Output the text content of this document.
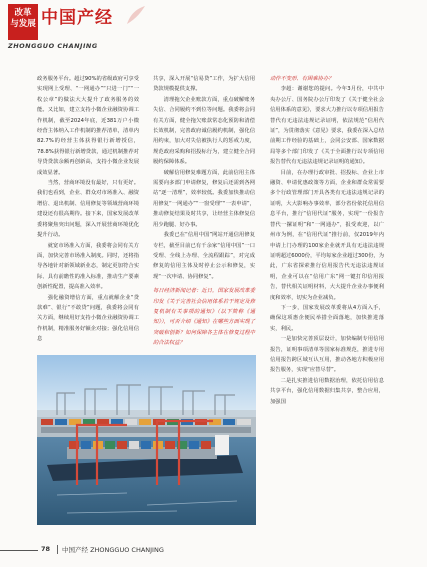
改革
与发展 中国产经
ZHONGGUO CHANJING

政务服务平台。超过90%的省级政府可享受实现网上受理、“一网通办”“只进一门”“一枚公章”的做法大大提升了政务服务的效能。又比如，建立支持小微企业融资协调工作机制，截至2024年底，近381万户小微经营主体纳入工作机制的推荐清单，清单内82.7%的经营主体获得银行新增授信，78.8%获得银行新增贷款，通过机制推荐对导贷贷款余额再创新高，支持小微企业发展成效显著。

当然，营商环境没有最好，只有更好。我们也看到，企业、群众对市场准入、融资增信、退出机制、信用修复等领域营商环境建设还有很高期待。接下来，国家发展改革委将聚焦突出问题，深入开展营商环境优化提升行动。

就宽市场准入方面，我委将会同有关方面，加快完善市场准入制度。同时，还将指导各地针对新领域新业态，制定更加符合实际、具有前瞻性的准入标准，推动生产要素创新性配置，提高准入效率。

强化融资增信方面，重点就解企业“贷款难”、银行“不敢贷”问题，我委将会同有关方面，继续用好支持小微企业融资协调工作机制，精准服务好额企对接；强化信用信息

共享，深入开展“信易贷”工作，为扩大信用贷款规模提供支撑。

清理拖欠企业账款方面，重点破解账务失信、合同履约不到位等问题。我委将会同有关方面，健全拖欠账款常态化预防和清偿长效机制，完善政府诚信履约机制，强化信用约束，加大对失信被执行人的惩戒力度，规范政府采购和招投标行为，建立健全合同履约保障体系。

破解信用修复难题方面，此前信用主体需要向多部门申请修复，修复后还需到各网站“逐一清理”，效率较低。我委加快推动信用修复“一网通办”“一窗受理”“一表申请”，推动修复结果及时共享，让经营主体修复信用少跑腿、好办事。

我委已在“信用中国”网站开通信用修复专栏，截至目前已有千余家“信用中国”一口受理、全线上办理、全流程跟踪”，对完成修复的信用主体及时停止公示和修复，实现“一次申请、协同修复”。

每日经济新闻记者：近日，国家发展改革委印发《关于完善社会信用体系若干规定及修复机制有关事项的通知》（以下简称《通知》），可否介绍《通知》在哪些方面实现了突破和创新？如何保障各主体在修复过程中的合法权益？

动作不变形、有困难协办？

李超：谢谢您的提问。今年3月份，中共中央办公厅、国务院办公厅印发了《关于健全社会信用体系的意见》，要求大力推行以专项信用报告替代有无违法违规记录证明，依法规范“信用代证”，为贯彻落实《意见》要求，我委在深入总结前期工作经验的基础上，会同公安部、国家数据局等多个部门印发了《关于全面推行以专项信用报告替代有无违法违规记录证明的通知》。

目前，在办理行政审批、招投标、企业上市融资、申请优惠政策等方面，企业和群众常需要多个行政管理部门开具各类有无违法违规记录的证明，大大影响办事效率，部分省份依托信用信息平台，推行“信用代证”服务，实现“一份报告替代一摞证明”和“一网通办”，报受欢迎，以广州市为例，在“信用代证”推行前，仅2019年内申请上门办理的100家企业就开具有无违法违规证明超过6000份，平均每家企业超过300份，为此，广东省探索推行信用报告代无违法违规证明，企业可以在“信用广东”网一键打印信用报告，替代相关证明材料，大大提升企业办事便利度和效率，切实为企业减负。

下一步，国家发展改革委将从4方面入手，确保这项惠企便民举措全面落地，加快推进落实，利民。

一是加快完善顶层设计，加快编制专用信用报告，证明事项清单等国家标准规范，推进专用信用报告跨区域互认互用，推动各地方积极应用报告服务，实现“应替尽替”。

二是扎实推进信用数据治理，依托信用信息共享平台，强化信用数据归集共享，整合应用，加强国

78 中国产经 ZHONGGUO CHANJING
